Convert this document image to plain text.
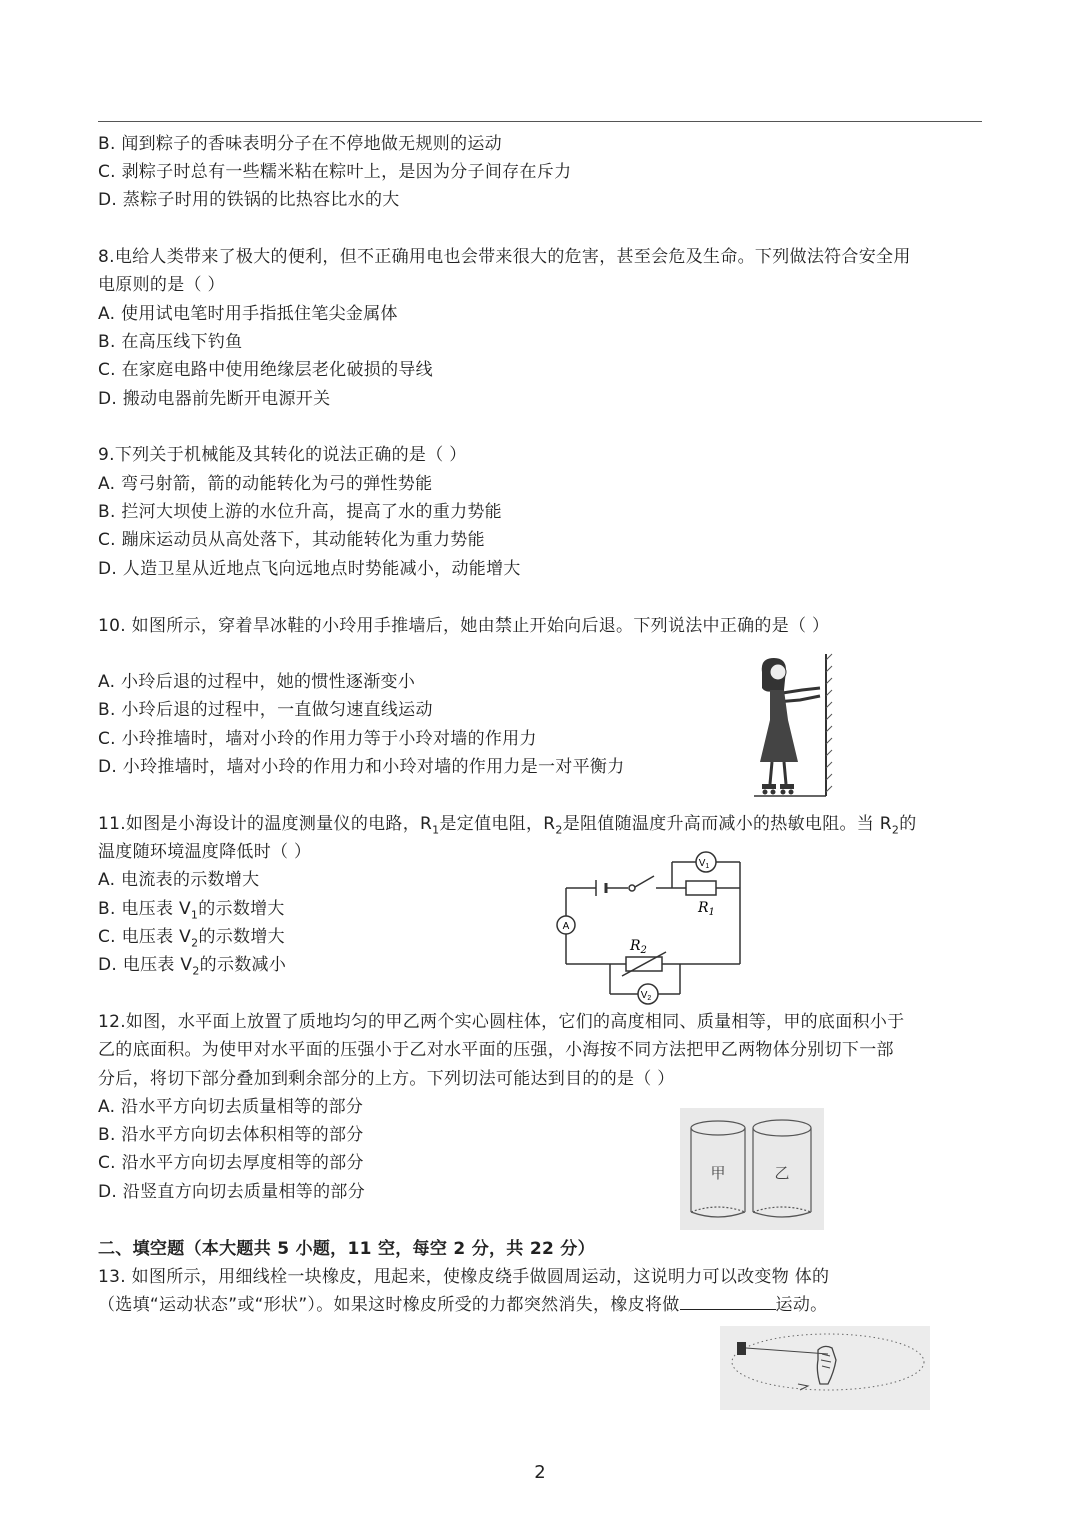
B. 闻到粽子的香味表明分子在不停地做无规则的运动
C. 剥粽子时总有一些糯米粘在粽叶上，是因为分子间存在斥力
D. 蒸粽子时用的铁锅的比热容比水的大
8.电给人类带来了极大的便利，但不正确用电也会带来很大的危害，甚至会危及生命。下列做法符合安全用
电原则的是（ ）
A. 使用试电笔时用手指抵住笔尖金属体
B. 在高压线下钓鱼
C. 在家庭电路中使用绝缘层老化破损的导线
D. 搬动电器前先断开电源开关
9.下列关于机械能及其转化的说法正确的是（ ）
A. 弯弓射箭，箭的动能转化为弓的弹性势能
B. 拦河大坝使上游的水位升高，提高了水的重力势能
C. 蹦床运动员从高处落下，其动能转化为重力势能
D. 人造卫星从近地点飞向远地点时势能减小，动能增大
10. 如图所示，穿着旱冰鞋的小玲用手推墙后，她由禁止开始向后退。下列说法中正确的是（ ）
A. 小玲后退的过程中，她的惯性逐渐变小
B. 小玲后退的过程中，一直做匀速直线运动
C. 小玲推墙时，墙对小玲的作用力等于小玲对墙的作用力
D. 小玲推墙时，墙对小玲的作用力和小玲对墙的作用力是一对平衡力
11.如图是小海设计的温度测量仪的电路，$R_1$是定值电阻，$R_2$是阻值随温度升高而减小的热敏电阻。当 $R_2$的
温度随环境温度降低时（ ）
A. 电流表的示数增大
B. 电压表 $V_1$的示数增大
C. 电压表 $V_2$的示数增大
D. 电压表 $V_2$的示数减小
A
$V_1$
$V_2$
$R_1$
$R_2$
12.如图，水平面上放置了质地均匀的甲乙两个实心圆柱体，它们的高度相同、质量相等，甲的底面积小于
乙的底面积。为使甲对水平面的压强小于乙对水平面的压强，小海按不同方法把甲乙两物体分别切下一部
分后，将切下部分叠加到剩余部分的上方。下列切法可能达到目的的是（ ）
A. 沿水平方向切去质量相等的部分
B. 沿水平方向切去体积相等的部分
C. 沿水平方向切去厚度相等的部分
D. 沿竖直方向切去质量相等的部分
甲	乙
二、填空题（本大题共 5 小题，11 空，每空 2 分，共 22 分）
13. 如图所示，用细线栓一块橡皮，甩起来，使橡皮绕手做圆周运动，这说明力可以改变物 体的
（选填“运动状态”或“形状”）。如果这时橡皮所受的力都突然消失，橡皮将做	运动。
2
